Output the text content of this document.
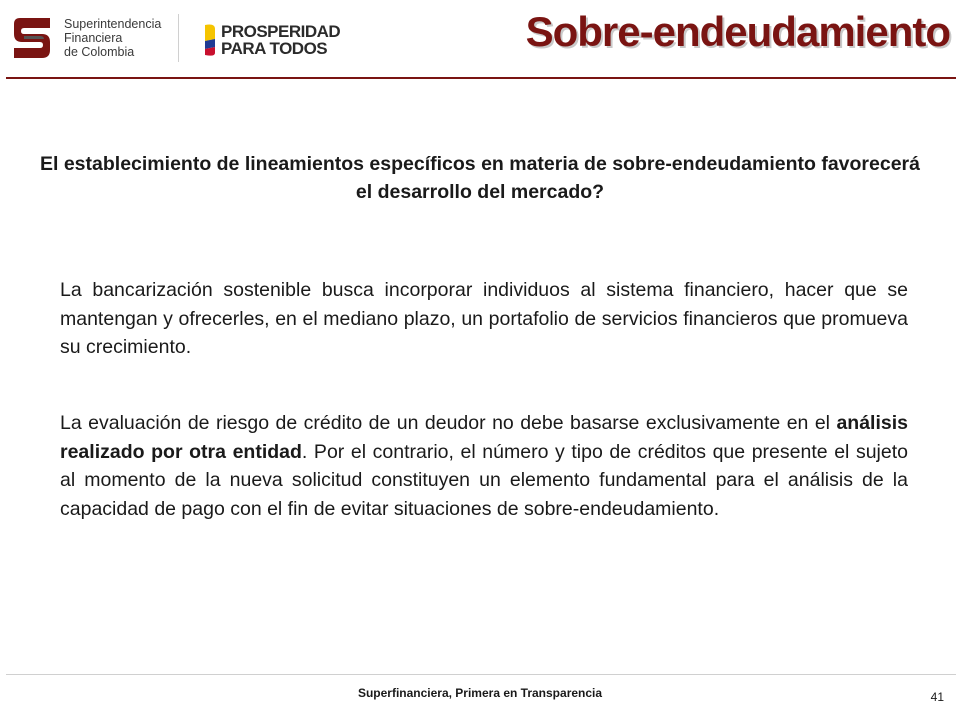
Superintendencia
Financiera
de Colombia
PROSPERIDAD
PARA TODOS	Sobre-endeudamiento
El establecimiento de lineamientos específicos en materia de sobre-endeudamiento favorecerá el desarrollo del mercado?

La bancarización sostenible busca incorporar individuos al sistema financiero, hacer que se mantengan y ofrecerles, en el mediano plazo, un portafolio de servicios financieros que promueva su crecimiento.

La evaluación de riesgo de crédito de un deudor no debe basarse exclusivamente en el análisis realizado por otra entidad. Por el contrario, el número y tipo de créditos que presente el sujeto al momento de la nueva solicitud constituyen un elemento fundamental para el análisis de la capacidad de pago con el fin de evitar situaciones de sobre-endeudamiento.

Superfinanciera, Primera en Transparencia	41
